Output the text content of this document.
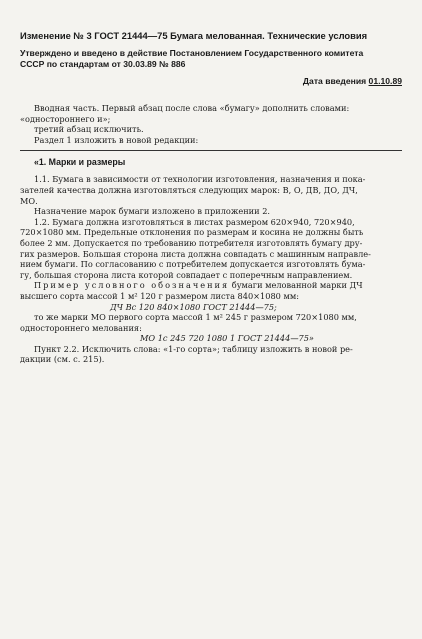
Изменение № 3 ГОСТ 21444—75 Бумага мелованная. Технические условия
Утверждено и введено в действие Постановлением Государственного комитета
СССР по стандартам от 30.03.89 № 886
Дата введения 01.10.89
Вводная часть. Первый абзац после слова «бумагу» дополнить словами:
«одностороннего и»;
третий абзац исключить.
Раздел 1 изложить в новой редакции:
«1. Марки и размеры
1.1. Бумага в зависимости от технологии изготовления, назначения и пока-
зателей качества должна изготовляться следующих марок: В, О, ДВ, ДО, ДЧ,
МО.
Назначение марок бумаги изложено в приложении 2.
1.2. Бумага должна изготовляться в листах размером 620×940, 720×940,
720×1080 мм. Предельные отклонения по размерам и косина не должны быть
более 2 мм. Допускается по требованию потребителя изготовлять бумагу дру-
гих размеров. Большая сторона листа должна совпадать с машинным направле-
нием бумаги. По согласованию с потребителем допускается изготовлять бума-
гу, большая сторона листа которой совпадает с поперечным направлением.
Пример условного обозначения бумаги мелованной марки ДЧ
высшего сорта массой 1 м² 120 г размером листа 840×1080 мм:
ДЧ Вс 120 840×1080 ГОСТ 21444—75;
то же марки МО первого сорта массой 1 м² 245 г размером 720×1080 мм,
одностороннего мелования:
МО 1с 245 720 1080 1 ГОСТ 21444—75»
Пункт 2.2. Исключить слова: «1-го сорта»; таблицу изложить в новой ре-
дакции (см. с. 215).
